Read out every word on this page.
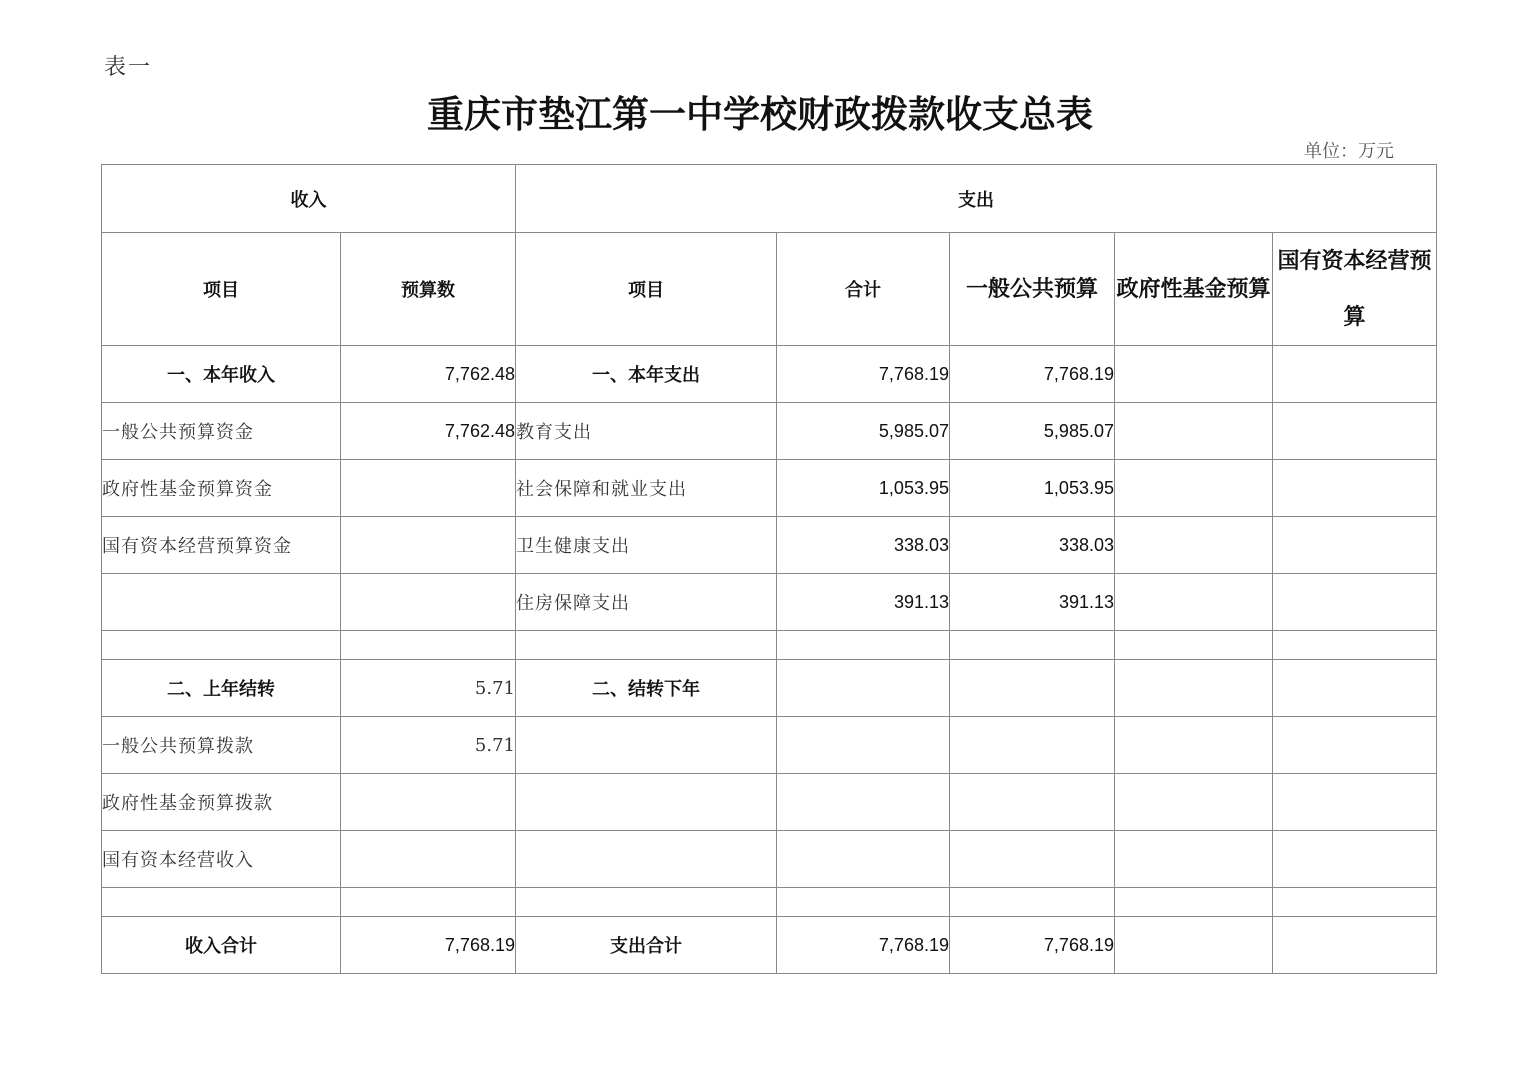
表一
重庆市垫江第一中学校财政拨款收支总表
单位：万元
收入		支出				
项目	预算数	项目	合计	一般公共预算	政府性基金预算	国有资本经营预算
一、本年收入	7,762.48	一、本年支出	7,768.19	7,768.19		
一般公共预算资金	7,762.48	教育支出	5,985.07	5,985.07		
政府性基金预算资金		社会保障和就业支出	1,053.95	1,053.95		
国有资本经营预算资金		卫生健康支出	338.03	338.03		
		住房保障支出	391.13	391.13		

二、上年结转	5.71	二、结转下年				
一般公共预算拨款	5.71					
政府性基金预算拨款						
国有资本经营收入						

收入合计	7,768.19	支出合计	7,768.19	7,768.19		
